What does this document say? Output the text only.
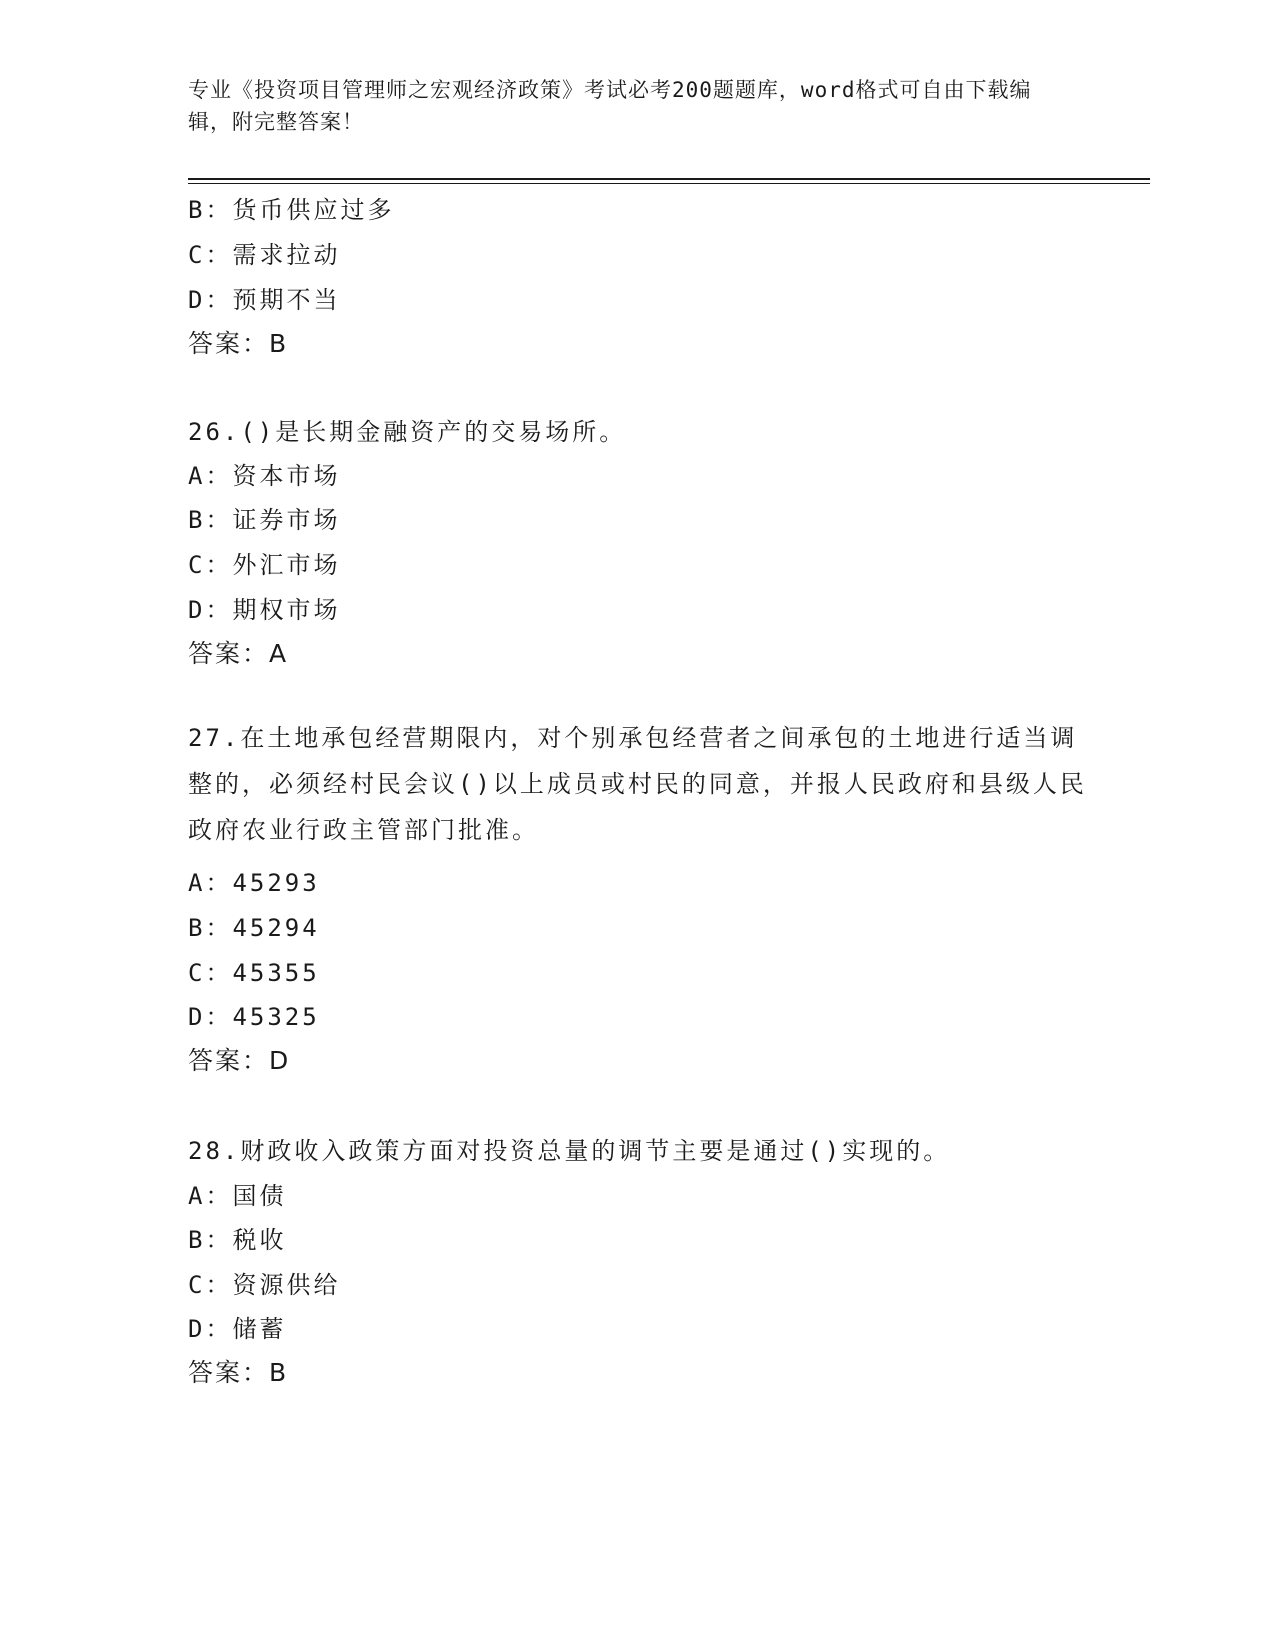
专业《投资项目管理师之宏观经济政策》考试必考200题题库，word格式可自由下载编辑，附完整答案！
B：货币供应过多
C：需求拉动
D：预期不当
答案：B
26.()是长期金融资产的交易场所。
A：资本市场
B：证券市场
C：外汇市场
D：期权市场
答案：A
27.在土地承包经营期限内，对个别承包经营者之间承包的土地进行适当调整的，必须经村民会议()以上成员或村民的同意，并报人民政府和县级人民政府农业行政主管部门批准。
A：45293
B：45294
C：45355
D：45325
答案：D
28.财政收入政策方面对投资总量的调节主要是通过()实现的。
A：国债
B：税收
C：资源供给
D：储蓄
答案：B
